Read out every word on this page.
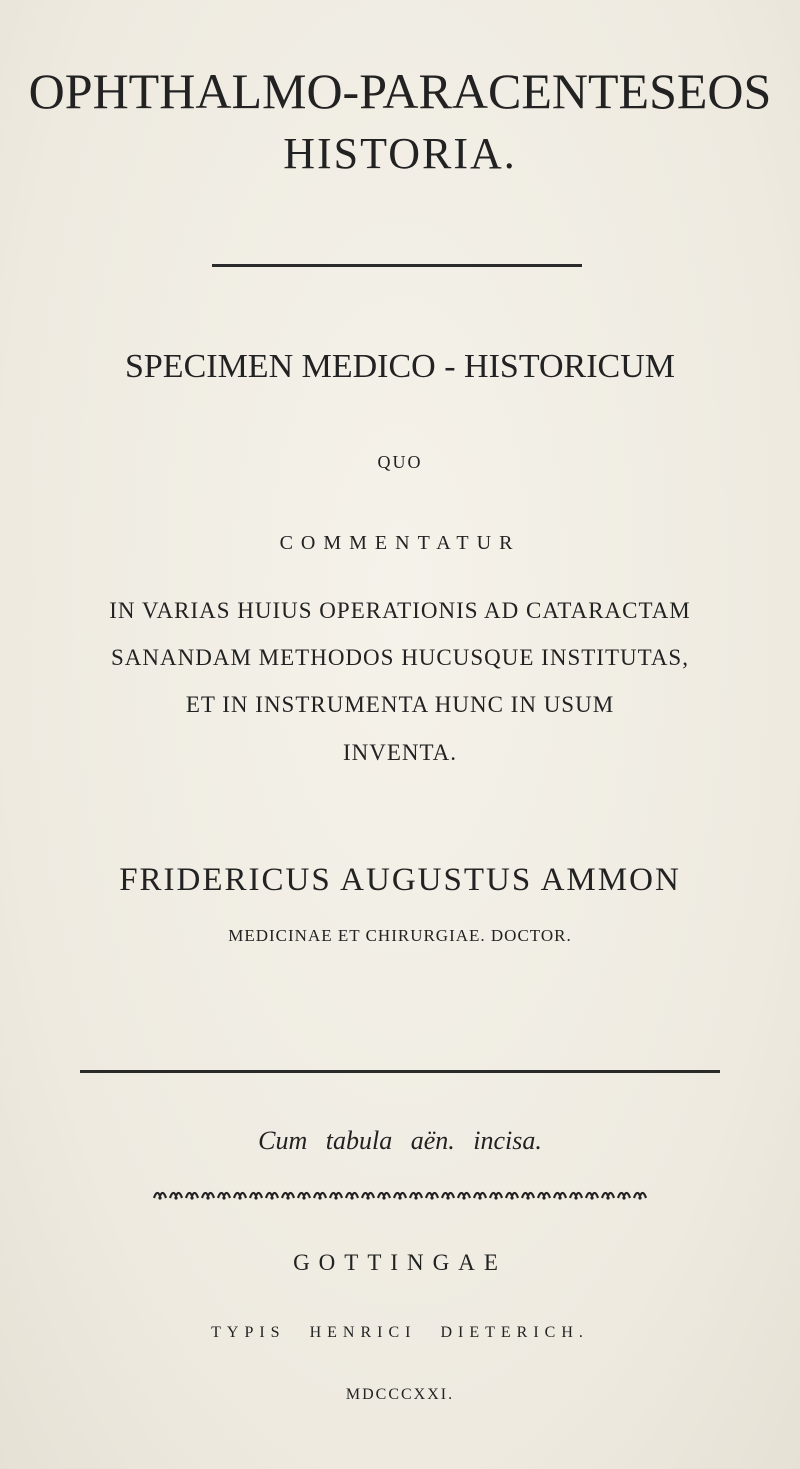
OPHTHALMO-PARACENTESEOS
HISTORIA.
SPECIMEN MEDICO - HISTORICUM
QUO
COMMENTATUR
IN VARIAS HUIUS OPERATIONIS AD CATARACTAM
SANANDAM METHODOS HUCUSQUE INSTITUTAS,
ET IN INSTRUMENTA HUNC IN USUM
INVENTA.
FRIDERICUS AUGUSTUS AMMON
MEDICINAE ET CHIRURGIAE. DOCTOR.
Cum tabula aën. incisa.
GOTTINGAE
TYPIS HENRICI DIETERICH.
MDCCCXXI.
